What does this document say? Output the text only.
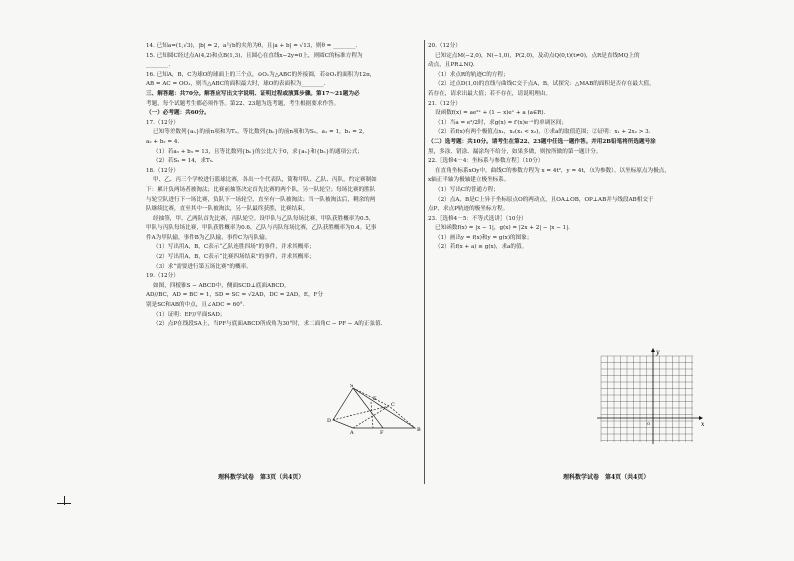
14. 已知a=(1,√3)，|b| = 2，a与b的夹角为θ，且|a + b| = √13，则θ = ________.

15. 已知圆C经过点A(4,2)和点B(1,3)，且圆心在直线x−2y=0上，则圆C的标准方程为

________.

16. 已知A，B，C为球O的球面上的三个点，⊙O₁为△ABC的外接圆，若⊙O₁的面积为12π，

AB = AC = OO₁，则当△ABC的面积最大时，球O的表面积为________.

三、解答题：共70分。解答应写出文字说明、证明过程或演算步骤。第17～21题为必

考题，每个试题考生都必须作答。第22、23题为选考题，考生根据要求作答。

（一）必考题：共60分。

17.（12分）

已知等差数列{aₙ}的前n项和为Tₙ，等比数列{bₙ}的前n项和为Sₙ，a₁ = 1，b₁ = 2，

a₂ + b₂ = 4.

（1）若a₃ + b₃ = 13，且等比数列{bₙ}的公比大于0，求{aₙ}和{bₙ}的通项公式；

（2）若S₃ = 14，求T₅.

18.（12分）

甲、乙、丙三个学校进行篮球比赛，各出一个代表队，简称甲队、乙队、丙队。约定赛制如

下：累计负两场者被淘汰；比赛前抽签决定首先比赛的两个队，另一队轮空；每场比赛的胜队

与轮空队进行下一场比赛，负队下一场轮空，直至有一队被淘汰；当一队被淘汰后，剩余的两

队继续比赛，直至其中一队被淘汰，另一队最终获胜，比赛结束。

经抽签，甲、乙两队首先比赛，丙队轮空。设甲队与乙队每场比赛，甲队获胜概率为0.5，

甲队与丙队每场比赛，甲队获胜概率为0.6，乙队与丙队每场比赛，乙队获胜概率为0.4。记事

件A为甲队输，事件B为乙队输，事件C为丙队输。

（1）写出用A，B，C表示“乙队连胜四场”的事件，并求其概率；

（2）写出用A，B，C表示“比赛四场结束”的事件，并求其概率；

（3）求“需要进行第五场比赛”的概率。

19.（12分）

如图，四棱锥S − ABCD中，侧面SCD⊥底面ABCD，

AD//BC，AD = BC = 1，SD = SC = √2AD，DC = 2AD，E，F分

别是SC和AB的中点，且∠ADC = 60°.

（1）证明：EF//平面SAD；

（2）点P在线段SA上，当PF与底面ABCD所成角为30°时，求二面角C − PF − A的正弦值.

20.（12分）

已知定点M(−2,0)，N(−1,0)，P(2,0)，及动点Q(0,t)(t≠0)，点R是直线MQ上的

动点，且PR⊥NQ.

（1）求点R的轨迹C的方程；

（2）过点D(1,0)的直线与曲线C交于点A，B，试探究：△MAB的面积是否存在最大值，

若存在，请求出最大值；若不存在，请说明理由。

21.（12分）

设函数f(x) = ae²ˣ + (1 − x)eˣ + a (a∈R).

（1）当a = e²/2时，求g(x) = f′(x)e⁻ˣ的单调区间；

（2）若f(x)有两个极值点x₁，x₂(x₁ < x₂)，①求a的取值范围；②证明：x₁ + 2x₂ > 3.

（二）选考题：共10分。请考生在第22、23题中任选一题作答。并用2B铅笔将所选题号涂

黑，多涂、错涂、漏涂均不给分，如果多做，则按所做的第一题计分。

22.［选修4－4：坐标系与参数方程］（10分）

在直角坐标系xOy中，曲线C的参数方程为 x = 4t²，y = 4t，（t为参数）。以坐标原点为极点，

x轴正半轴为极轴建立极坐标系。

（1）写出C的普通方程；

（2）点A，B是C上异于坐标原点O的两动点，且OA⊥OB，OP⊥AB并与线段AB相交于

点P，求点P轨迹的极坐标方程。

23.［选修4－5：不等式选讲］（10分）

已知函数f(x) = |x − 1|，g(x) = |2x + 2| − |x − 1|.

（1）画出y = f(x)和y = g(x)的图象；

（2）若f(x + a) ≥ g(x)，求a的值。

S
D
A	F	B
C
E
x
y
O
理科数学试卷　第3页（共4页）	理科数学试卷　第4页（共4页）
